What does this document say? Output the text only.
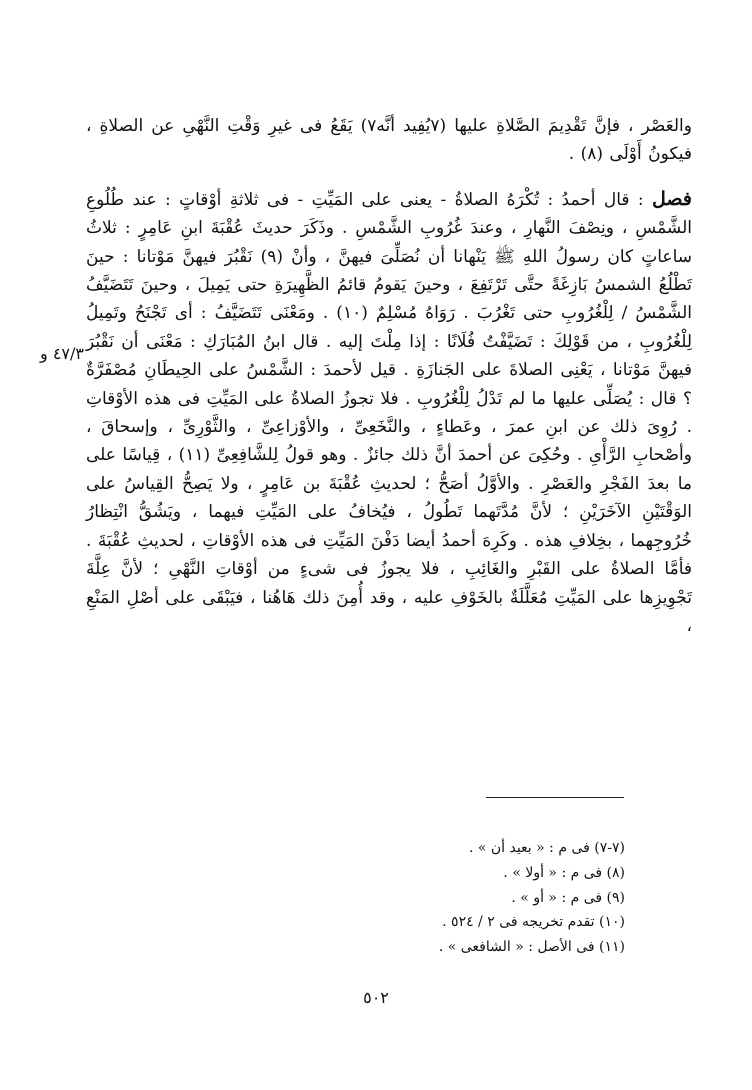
والعَصْر ، فإنَّ تَقْدِيمَ الصَّلاةِ عليها (٧يُفِيد أنَّه٧) يَقَعُ فى غيرِ وَقْتِ النَّهْىِ عن الصلاةِ ، فيكونُ أَوْلَى (٨) .

فصل : قال أحمدُ : تُكْرَهُ الصلاةُ - يعنى على المَيِّتِ - فى ثلاثةِ أوْقاتٍ : عند طُلُوعِ الشَّمْسِ ، ونِصْفَ النَّهارِ ، وعندَ غُرُوبِ الشَّمْسِ . وذَكَرَ حديثَ عُقْبَةَ ابنِ عَامِرٍ : ثلاثُ ساعاتٍ كان رسولُ اللهِ ﷺ يَنْهانا أن نُصَلِّىَ فيهنَّ ، وأنْ (٩) نَقْبُرَ فيهنَّ مَوْتانا : حينَ تَطْلُعُ الشمسُ بَازِغَةً حتَّى تَرْتَفِعَ ، وحينَ يَقومُ قائمُ الظَّهِيرَةِ حتى يَمِيلَ ، وحينَ تَتَضَيَّفُ الشَّمْسُ / لِلْغُرُوبِ حتى تَغْرُبَ . رَوَاهُ مُسْلِمٌ (١٠) . ومَعْنَى تَتَضَيَّفُ : أى تَجْنَحُ وتَمِيلُ لِلْغُرُوبِ ، من قَوْلِكَ : تَضَيَّفْتُ فُلَانًا : إذا مِلْتَ إليه . قال ابنُ المُبَارَكِ : مَعْنَى أن نَقْبُرَ فيهنَّ مَوْتانا ، يَعْنِى الصلاةَ على الجَنازَةِ . قيل لأحمدَ : الشَّمْسُ على الحِيطَانِ مُصْفَرَّةٌ ؟ قال : يُصَلِّى عليها ما لم تَدْلُ لِلْغُرُوبِ . فلا تجوزُ الصلاةُ على المَيِّتِ فى هذه الأوْقاتِ . رُوِىَ ذلك عن ابنِ عمرَ ، وعَطاءٍ ، والنَّخَعِىِّ ، والأوْزاعِىِّ ، والثَّوْرِىِّ ، وإسحاقَ ، وأصْحابِ الرَّأْىِ . وحُكِىَ عن أحمدَ أنَّ ذلك جائزٌ . وهو قولُ لِلشَّافِعِىِّ (١١) ، قِياسًا على ما بعدَ الفَجْرِ والعَصْرِ . والأوَّلُ أصَحُّ ؛ لحديثِ عُقْبَةَ بن عَامِرٍ ، ولا يَصِحُّ القِياسُ على الوَقْتَيْنِ الآخَرَيْنِ ؛ لأنَّ مُدَّتَهما تَطُولُ ، فيُخافُ على المَيِّتِ فيهما ، ويَشُقُّ انْتِظارُ خُرُوجِهما ، بخِلافِ هذه . وكَرِهَ أحمدُ أيضا دَفْنَ المَيِّتِ فى هذه الأوْقاتِ ، لحديثِ عُقْبَةَ . فأمَّا الصلاةُ على القَبْرِ والغَائِبِ ، فلا يجوزُ فى شىءٍ من أوْقاتِ النَّهْىِ ؛ لأنَّ عِلَّةَ تَجْوِيزِها على المَيِّتِ مُعَلَّلَةٌ بالخَوْفِ عليه ، وقد أُمِنَ ذلك هَاهُنا ، فيَبْقَى على أصْلِ المَنْعِ ،

٤٧/٣ و
(٧-٧) فى م : « بعيد أن » .
(٨) فى م : « أولا » .
(٩) فى م : « أو » .
(١٠) تقدم تخريجه فى ٢ / ٥٢٤ .
(١١) فى الأصل : « الشافعى » .
٥٠٢
